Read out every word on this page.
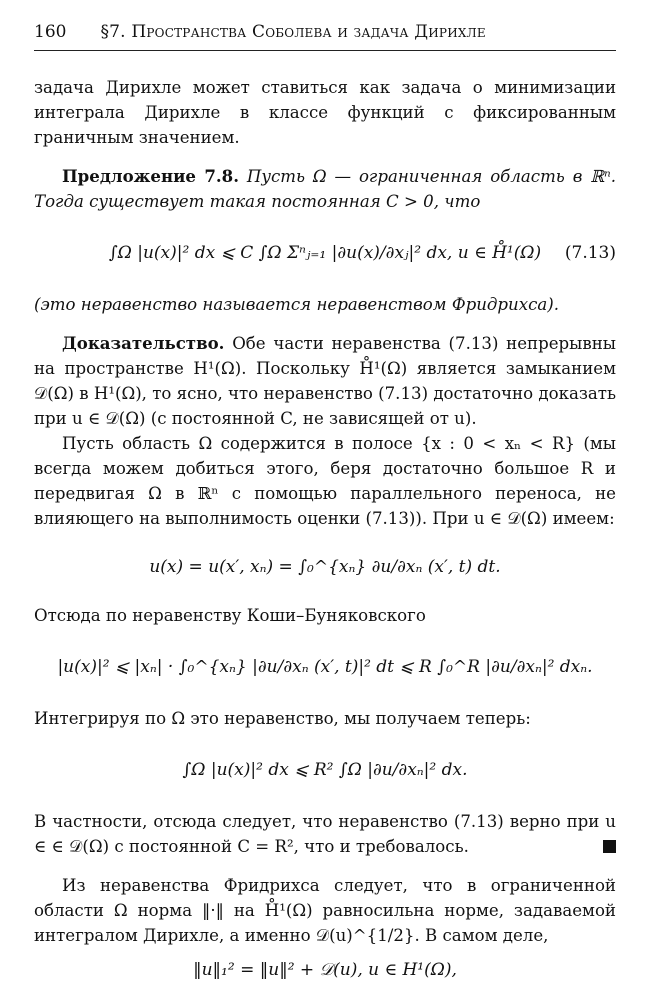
160 §7. Пространства Соболева и задача Дирихле

задача Дирихле может ставиться как задача о минимизации интеграла Дирихле в классе функций с фиксированным граничным значением.

Предложение 7.8. Пусть Ω — ограниченная область в ℝⁿ. Тогда существует такая постоянная C > 0, что

∫Ω |u(x)|² dx ⩽ C ∫Ω Σⁿⱼ₌₁ |∂u(x)/∂xⱼ|² dx, u ∈ H̊¹(Ω) (7.13)

(это неравенство называется неравенством Фридрихса).

Доказательство. Обе части неравенства (7.13) непрерывны на пространстве H¹(Ω). Поскольку H̊¹(Ω) является замыканием 𝒟(Ω) в H¹(Ω), то ясно, что неравенство (7.13) достаточно доказать при u ∈ 𝒟(Ω) (с постоянной C, не зависящей от u).

Пусть область Ω содержится в полосе {x : 0 < xₙ < R} (мы всегда можем добиться этого, беря достаточно большое R и передвигая Ω в ℝⁿ с помощью параллельного переноса, не влияющего на выполнимость оценки (7.13)). При u ∈ 𝒟(Ω) имеем:

u(x) = u(x′, xₙ) = ∫₀^{xₙ} ∂u/∂xₙ (x′, t) dt.

Отсюда по неравенству Коши–Буняковского

|u(x)|² ⩽ |xₙ| · ∫₀^{xₙ} |∂u/∂xₙ (x′, t)|² dt ⩽ R ∫₀^R |∂u/∂xₙ|² dxₙ.

Интегрируя по Ω это неравенство, мы получаем теперь:

∫Ω |u(x)|² dx ⩽ R² ∫Ω |∂u/∂xₙ|² dx.

В частности, отсюда следует, что неравенство (7.13) верно при u ∈ ∈ 𝒟(Ω) с постоянной C = R², что и требовалось.

Из неравенства Фридрихса следует, что в ограниченной области Ω норма ‖·‖ на H̊¹(Ω) равносильна норме, задаваемой интегралом Дирихле, а именно 𝒟(u)^{1/2}. В самом деле,

‖u‖₁² = ‖u‖² + 𝒟(u), u ∈ H¹(Ω),
